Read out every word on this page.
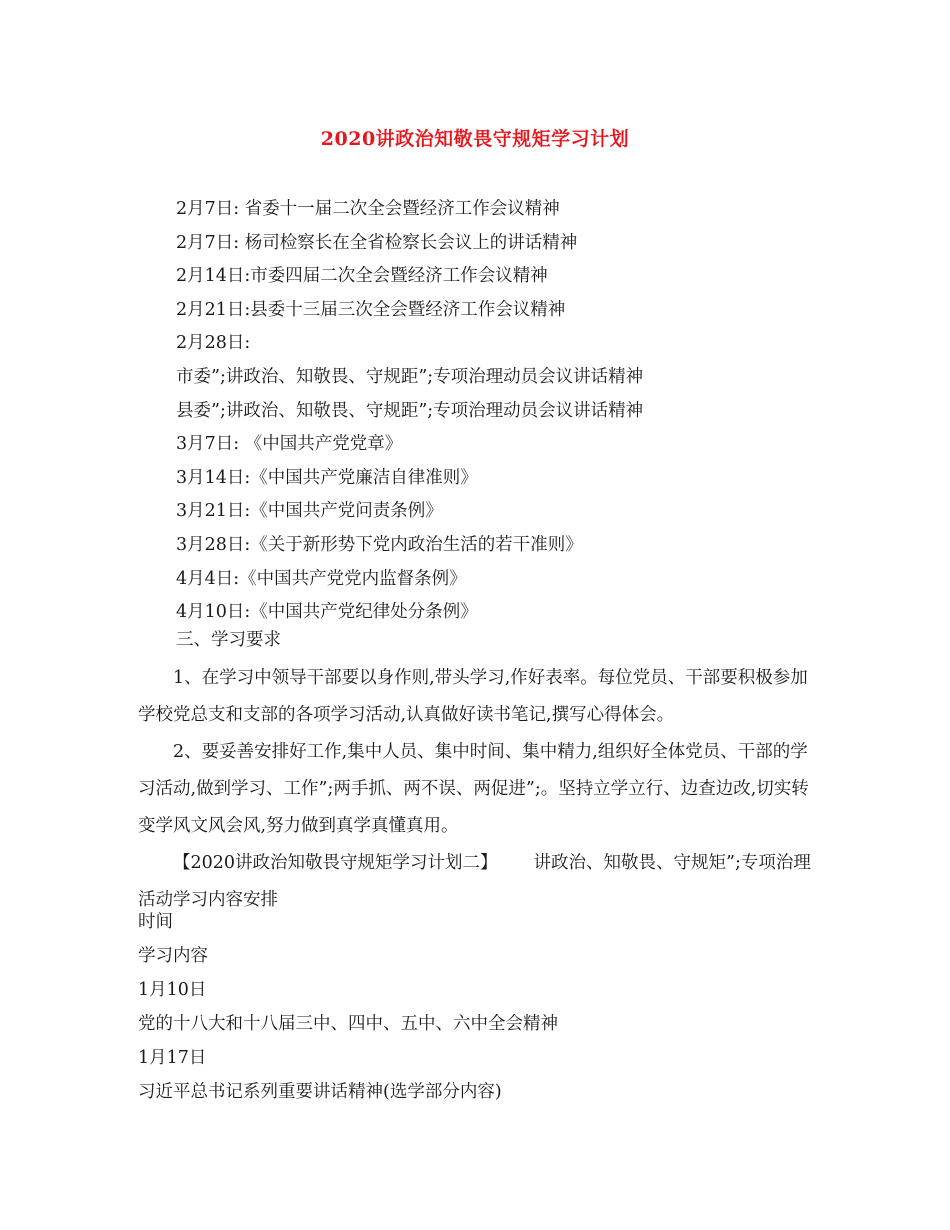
2020讲政治知敬畏守规矩学习计划
2月7日: 省委十一届二次全会暨经济工作会议精神
2月7日: 杨司检察长在全省检察长会议上的讲话精神
2月14日:市委四届二次全会暨经济工作会议精神
2月21日:县委十三届三次全会暨经济工作会议精神
2月28日:
市委”;讲政治、知敬畏、守规距”;专项治理动员会议讲话精神
县委”;讲政治、知敬畏、守规距”;专项治理动员会议讲话精神
3月7日: 《中国共产党党章》
3月14日:《中国共产党廉洁自律准则》
3月21日:《中国共产党问责条例》
3月28日:《关于新形势下党内政治生活的若干准则》
4月4日:《中国共产党党内监督条例》
4月10日:《中国共产党纪律处分条例》
三、学习要求

1、在学习中领导干部要以身作则,带头学习,作好表率。每位党员、干部要积极参加学校党总支和支部的各项学习活动,认真做好读书笔记,撰写心得体会。

2、要妥善安排好工作,集中人员、集中时间、集中精力,组织好全体党员、干部的学习活动,做到学习、工作”;两手抓、两不误、两促进”;。坚持立学立行、边查边改,切实转变学风文风会风,努力做到真学真懂真用。

【2020讲政治知敬畏守规矩学习计划二】 讲政治、知敬畏、守规矩”;专项治理活动学习内容安排

时间
学习内容
1月10日
党的十八大和十八届三中、四中、五中、六中全会精神
1月17日
习近平总书记系列重要讲话精神(选学部分内容)
